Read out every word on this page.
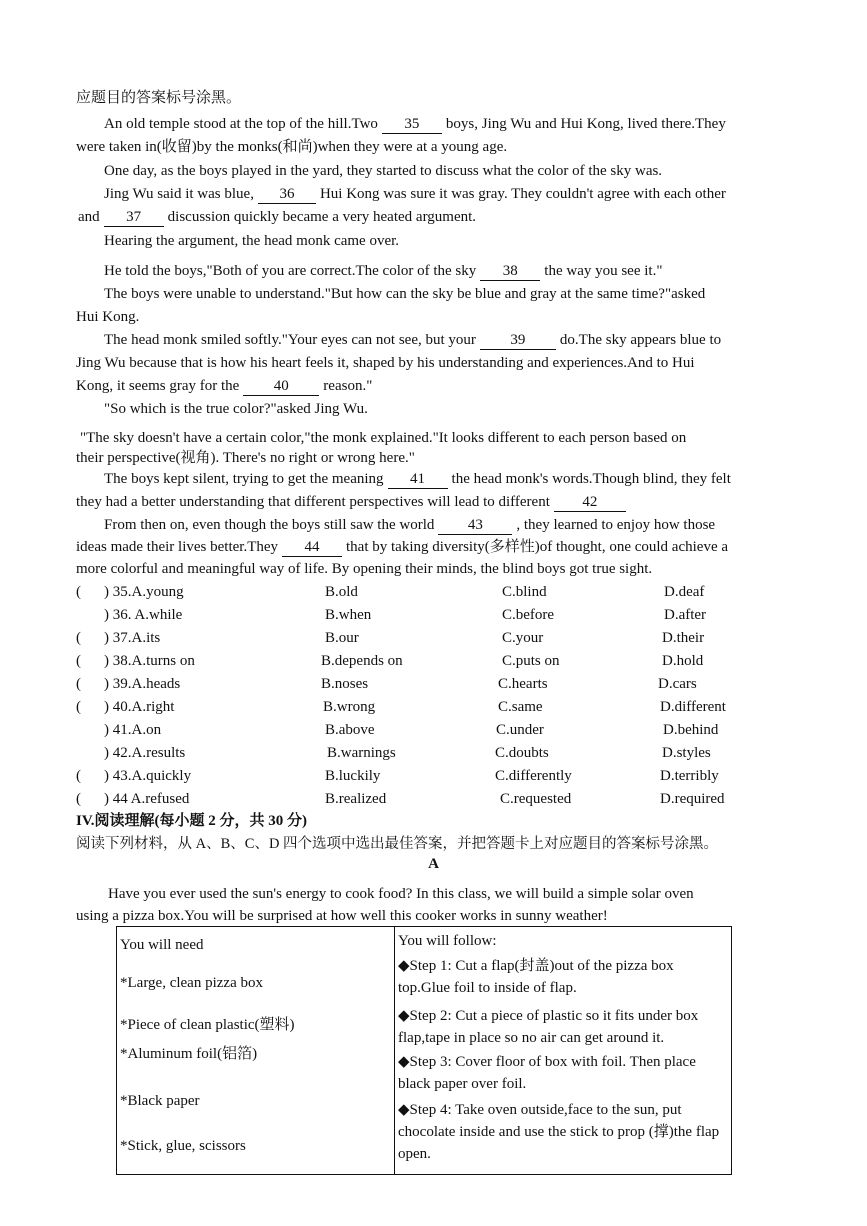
应题目的答案标号涂黑。
An old temple stood at the top of the hill.Two 35 boys, Jing Wu and Hui Kong, lived there.They
were taken in(收留)by the monks(和尚)when they were at a young age.
One day, as the boys played in the yard, they started to discuss what the color of the sky was.
Jing Wu said it was blue, 36 Hui Kong was sure it was gray. They couldn't agree with each other
and 37 discussion quickly became a very heated argument.
Hearing the argument, the head monk came over.
He told the boys,"Both of you are correct.The color of the sky 38 the way you see it."
The boys were unable to understand."But how can the sky be blue and gray at the same time?"asked
Hui Kong.
The head monk smiled softly."Your eyes can not see, but your 39 do.The sky appears blue to
Jing Wu because that is how his heart feels it, shaped by his understanding and experiences.And to Hui
Kong, it seems gray for the 40 reason."
"So which is the true color?"asked Jing Wu.
"The sky doesn't have a certain color,"the monk explained."It looks different to each person based on
their perspective(视角). There's no right or wrong here."
The boys kept silent, trying to get the meaning 41 the head monk's words.Though blind, they felt
they had a better understanding that different perspectives will lead to different 42
From then on, even though the boys still saw the world 43 , they learned to enjoy how those
ideas made their lives better.They 44 that by taking diversity(多样性)of thought, one could achieve a
more colorful and meaningful way of life. By opening their minds, the blind boys got true sight.
( ) 35.A.young	B.old	C.blind	D.deaf
) 36. A.while	B.when	C.before	D.after
( ) 37.A.its	B.our	C.your	D.their
( ) 38.A.turns on	B.depends on	C.puts on	D.hold
( ) 39.A.heads	B.noses	C.hearts	D.cars
( ) 40.A.right	B.wrong	C.same	D.different
) 41.A.on	B.above	C.under	D.behind
) 42.A.results	B.warnings	C.doubts	D.styles
( ) 43.A.quickly	B.luckily	C.differently	D.terribly
( ) 44 A.refused	B.realized	C.requested	D.required
IV.阅读理解(每小题 2 分，共 30 分)
阅读下列材料，从 A、B、C、D 四个选项中选出最佳答案，并把答题卡上对应题目的答案标号涂黑。
A
Have you ever used the sun's energy to cook food? In this class, we will build a simple solar oven
using a pizza box.You will be surprised at how well this cooker works in sunny weather!
You will need
*Large, clean pizza box
*Piece of clean plastic(塑料)
*Aluminum foil(铝箔)
*Black paper
*Stick, glue, scissors

You will follow:
◆Step 1: Cut a flap(封盖)out of the pizza box top.Glue foil to inside of flap.
◆Step 2: Cut a piece of plastic so it fits under box flap,tape in place so no air can get around it.
◆Step 3: Cover floor of box with foil. Then place black paper over foil.
◆Step 4: Take oven outside,face to the sun, put chocolate inside and use the stick to prop (撑)the flap open.
